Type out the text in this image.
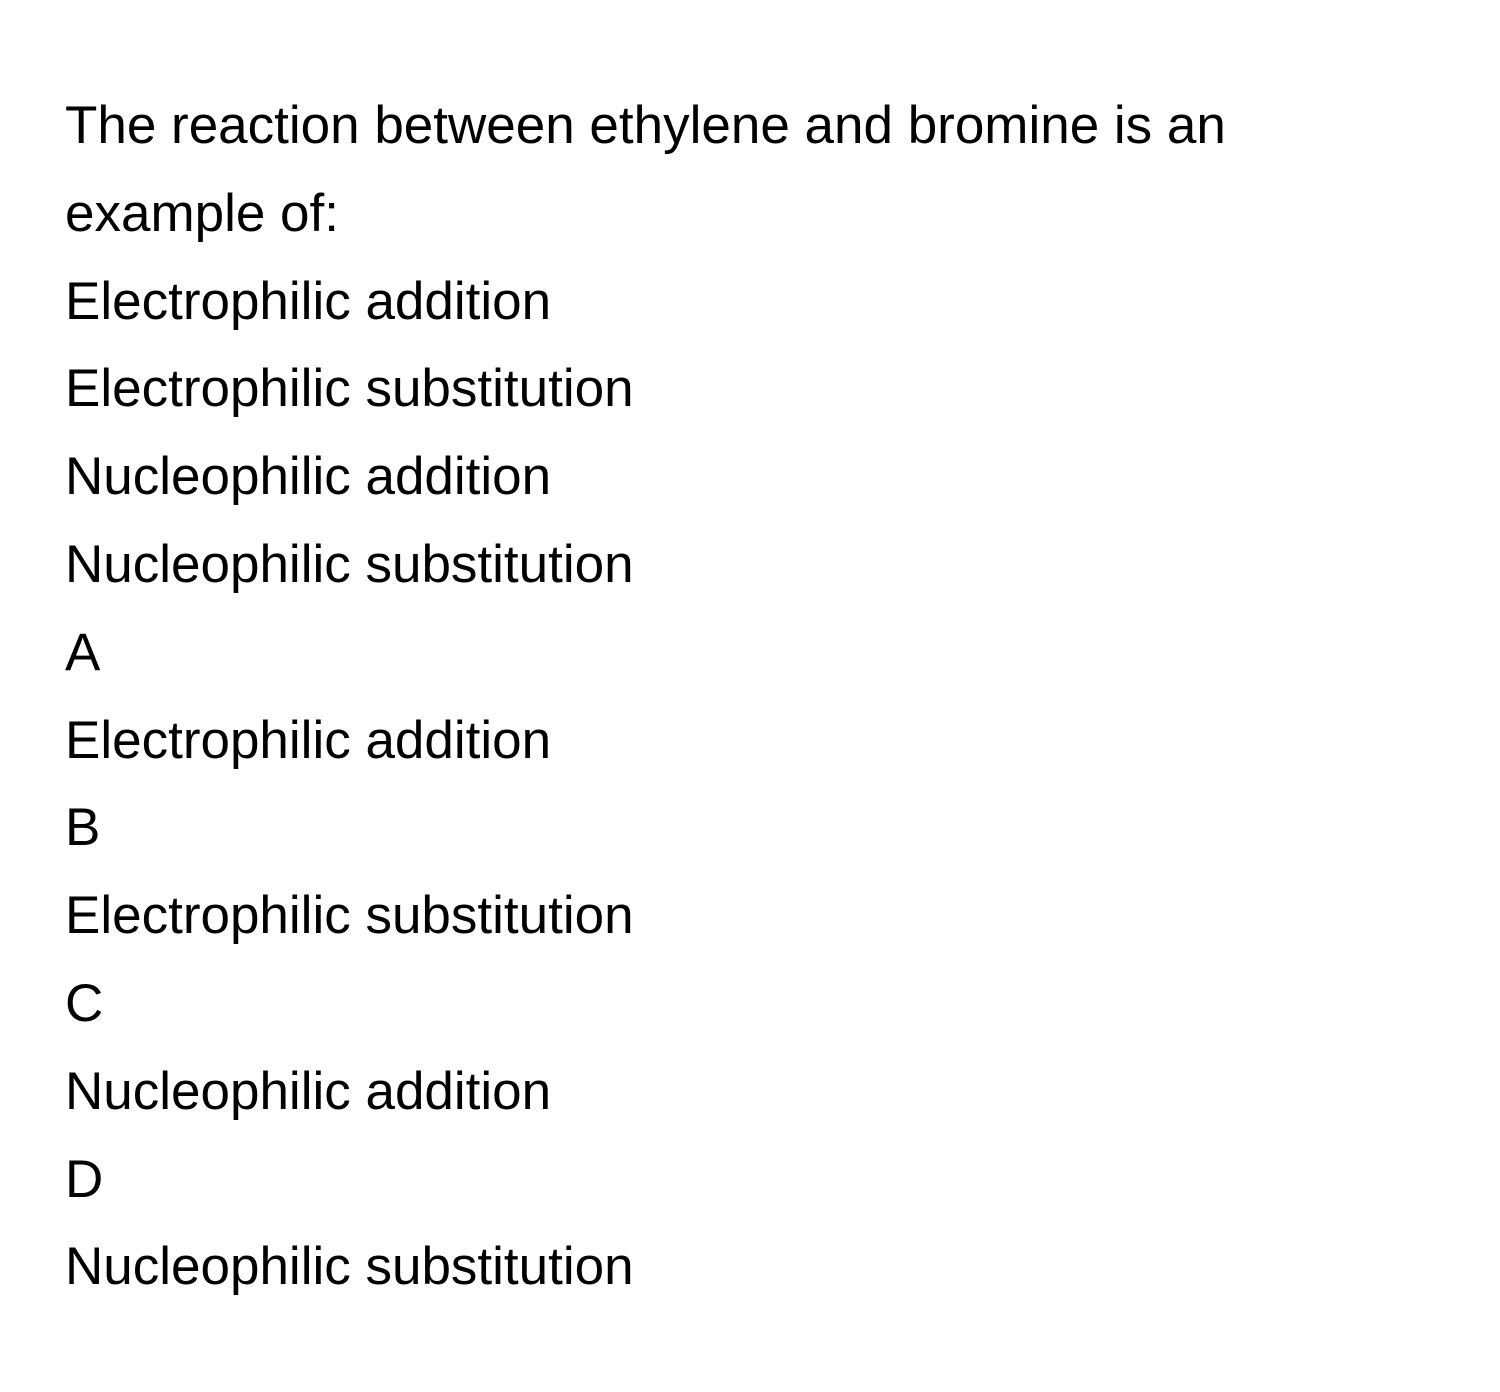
The reaction between ethylene and bromine is an example of:

Electrophilic addition

Electrophilic substitution

Nucleophilic addition

Nucleophilic substitution

A

Electrophilic addition

B

Electrophilic substitution

C

Nucleophilic addition

D

Nucleophilic substitution
